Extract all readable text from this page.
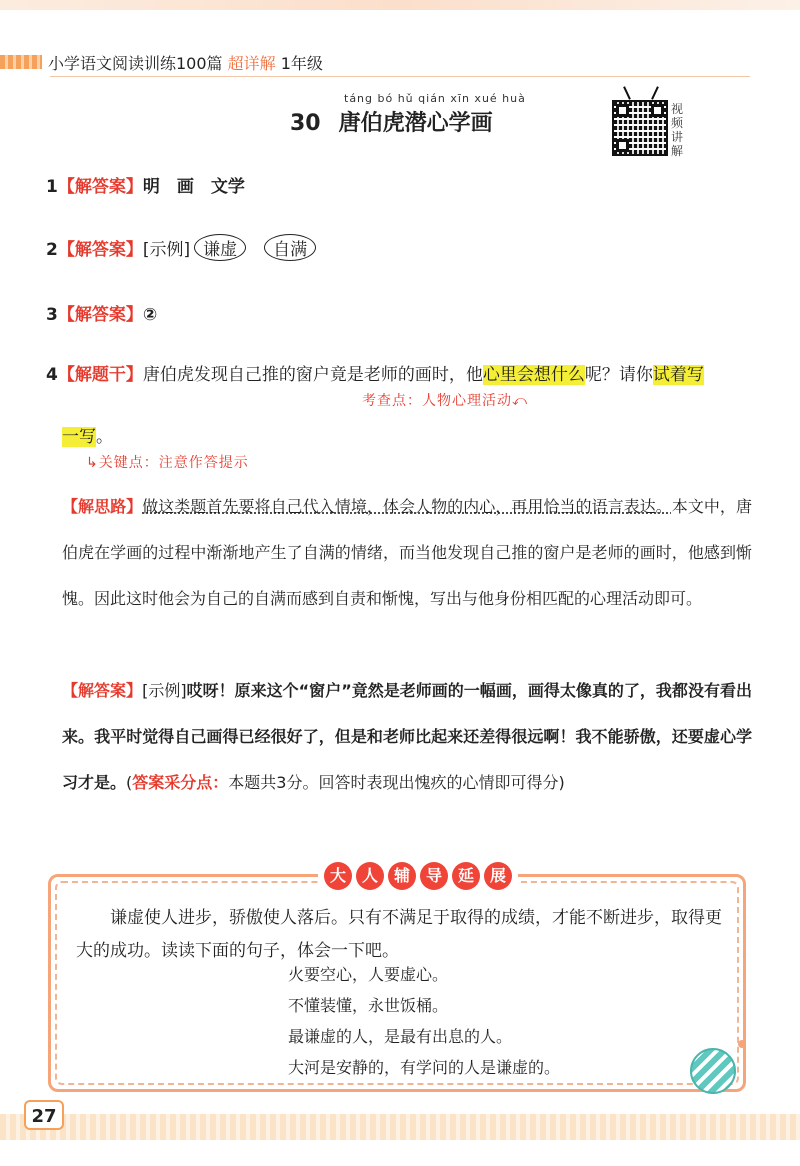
小学语文阅读训练100篇 超详解 1年级
táng bó hǔ qián xīn xué huà
30 唐伯虎潜心学画
视频讲解
1【解答案】明　画　文学
2【解答案】[示例] 谦虚 自满
3【解答案】②
4【解题干】唐伯虎发现自己推的窗户竟是老师的画时，他心里会想什么呢？请你试着写
考查点：人物心理活动⤺
一写。
↳关键点：注意作答提示
【解思路】做这类题首先要将自己代入情境，体会人物的内心，再用恰当的语言表达。本文中，唐伯虎在学画的过程中渐渐地产生了自满的情绪，而当他发现自己推的窗户是老师的画时，他感到惭愧。因此这时他会为自己的自满而感到自责和惭愧，写出与他身份相匹配的心理活动即可。
【解答案】[示例]哎呀！原来这个“窗户”竟然是老师画的一幅画，画得太像真的了，我都没有看出来。我平时觉得自己画得已经很好了，但是和老师比起来还差得很远啊！我不能骄傲，还要虚心学习才是。(答案采分点：本题共3分。回答时表现出愧疚的心情即可得分)
大 人 辅 导 延 展
谦虚使人进步，骄傲使人落后。只有不满足于取得的成绩，才能不断进步，取得更大的成功。读读下面的句子，体会一下吧。
火要空心，人要虚心。
不懂装懂，永世饭桶。
最谦虚的人，是最有出息的人。
大河是安静的，有学问的人是谦虚的。
27
